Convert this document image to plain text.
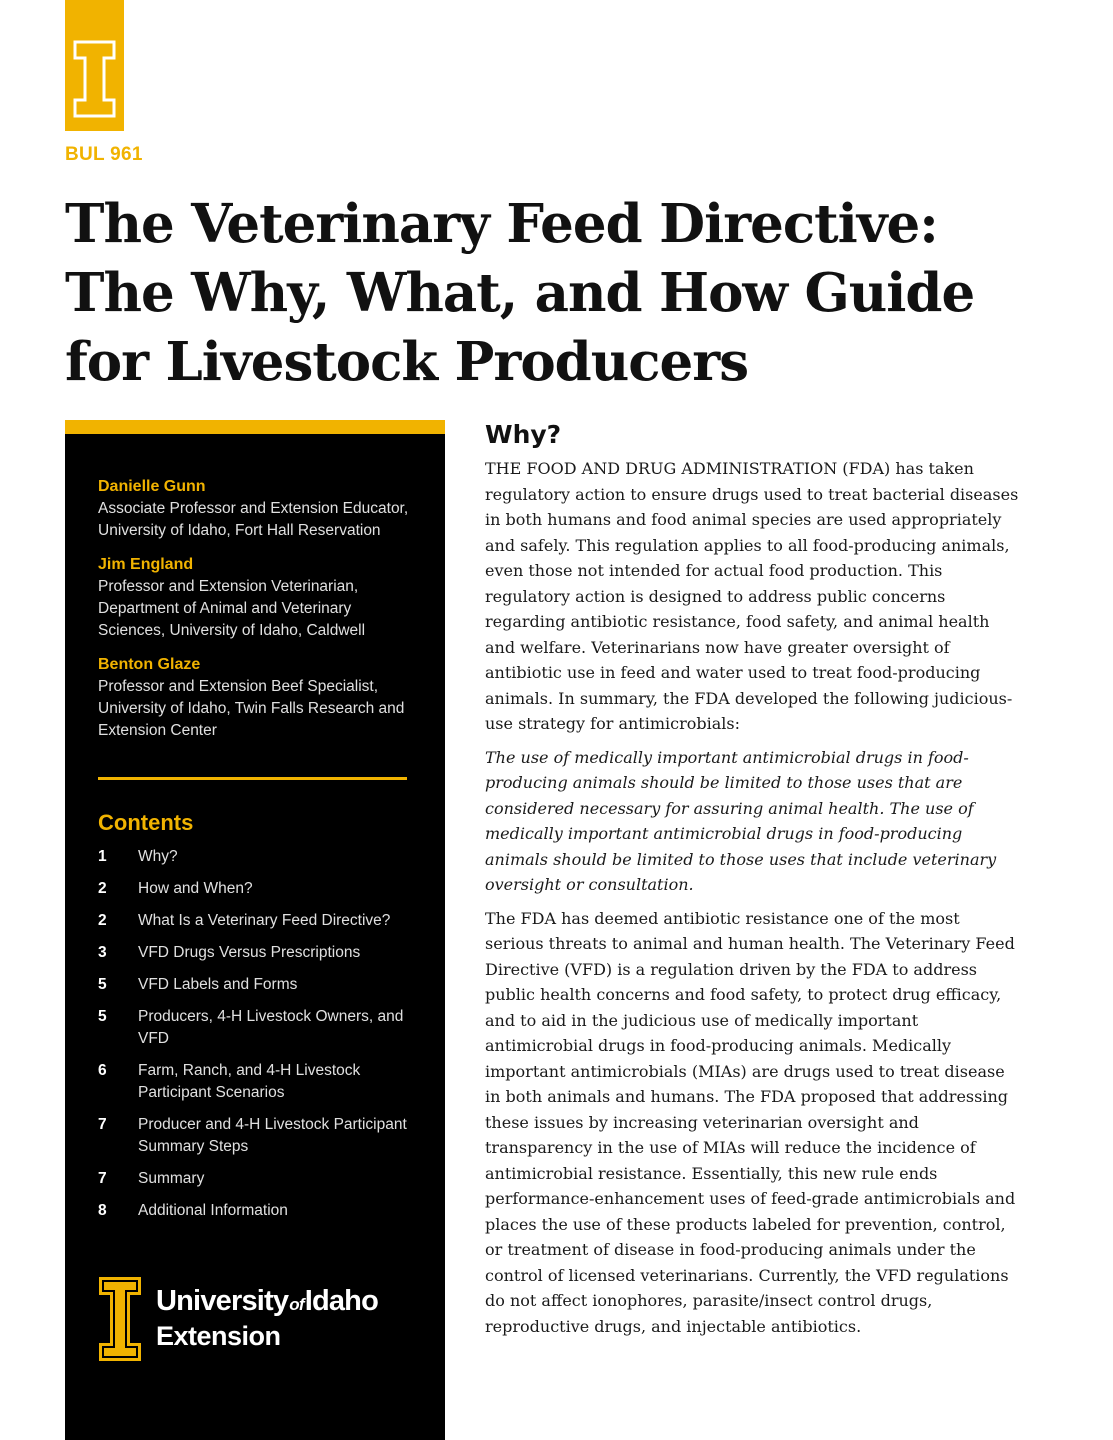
BUL 961
The Veterinary Feed Directive:
The Why, What, and How Guide
for Livestock Producers
Danielle Gunn
Associate Professor and Extension Educator, University of Idaho, Fort Hall Reservation
Jim England
Professor and Extension Veterinarian, Department of Animal and Veterinary Sciences, University of Idaho, Caldwell
Benton Glaze
Professor and Extension Beef Specialist, University of Idaho, Twin Falls Research and Extension Center
Contents
1	Why?
2	How and When?
2	What Is a Veterinary Feed Directive?
3	VFD Drugs Versus Prescriptions
5	VFD Labels and Forms
5	Producers, 4-H Livestock Owners, and VFD
6	Farm, Ranch, and 4-H Livestock Participant Scenarios
7	Producer and 4-H Livestock Participant Summary Steps
7	Summary
8	Additional Information
UniversityofIdaho
Extension
Why?

THE FOOD AND DRUG ADMINISTRATION (FDA) has taken regulatory action to ensure drugs used to treat bacterial diseases in both humans and food animal species are used appropriately and safely. This regulation applies to all food-producing animals, even those not intended for actual food production. This regulatory action is designed to address public concerns regarding antibiotic resistance, food safety, and animal health and welfare. Veterinarians now have greater oversight of antibiotic use in feed and water used to treat food-producing animals. In summary, the FDA developed the following judicious-use strategy for antimicrobials:

The use of medically important antimicrobial drugs in food-producing animals should be limited to those uses that are considered necessary for assuring animal health. The use of medically important antimicrobial drugs in food-producing animals should be limited to those uses that include veterinary oversight or consultation.

The FDA has deemed antibiotic resistance one of the most serious threats to animal and human health. The Veterinary Feed Directive (VFD) is a regulation driven by the FDA to address public health concerns and food safety, to protect drug efficacy, and to aid in the judicious use of medically important antimicrobial drugs in food-producing animals. Medically important antimicrobials (MIAs) are drugs used to treat disease in both animals and humans. The FDA proposed that addressing these issues by increasing veterinarian oversight and transparency in the use of MIAs will reduce the incidence of antimicrobial resistance. Essentially, this new rule ends performance-enhancement uses of feed-grade antimicrobials and places the use of these products labeled for prevention, control, or treatment of disease in food-producing animals under the control of licensed veterinarians. Currently, the VFD regulations do not affect ionophores, parasite/insect control drugs, reproductive drugs, and injectable antibiotics.
